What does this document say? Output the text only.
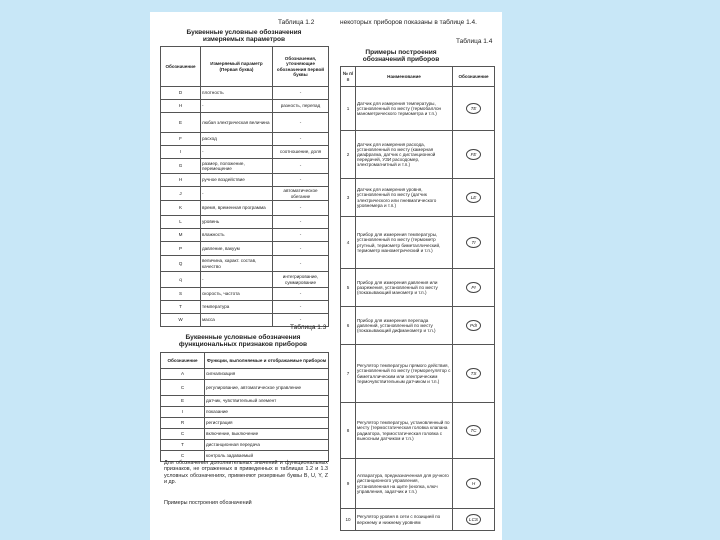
Таблица 1.2	некоторых приборов показаны в таблице 1.4.
Буквенные условные обозначения измеряемых параметров
Обозначение	Измеряемый параметр (Первая буква)	Обозначения, уточняющие обозначения первой буквы
D	плотность	-
Н	-	разность, перепад
Е	любая электрическая величина	-
F	расход	-
I	-	соотношение, доля
G	размер, положение, перемещение	-
H	ручное воздействие	-
J	-	автоматическое обегание
K	время, временная программа	-
L	уровень	-
M	влажность	-
P	давление, вакуум	-
Q	величина, характ. состав, качество	-
q	-	интегрирование, суммирование
S	скорость, частота	-
T	температура	-
W	масса	-
Таблица 1.3
Буквенные условные обозначения функциональных признаков приборов
Обозначение	Функции, выполняемые и отображаемые прибором
А	сигнализация
C	регулирование, автоматическое управление
E	датчик, чувствительный элемент
I	показание
R	регистрация
C	включение, выключение
T	дистанционная передача
C	контроль задаваемый
Для обозначения дополнительных значений и функциональных признаков, не отраженных в приведенных в таблицах 1.2 и 1.3 условных обозначениях, применяют резервные буквы B, U, Y, Z и др.
Примеры построения обозначений
Таблица 1.4
Примеры построения обозначений приборов
№ п/п	Наименование	Обозначение
1	Датчик для измерения температуры, установленный по месту (термобаллон манометрического термометра и т.п.)	TE
2	Датчик для измерения расхода, установленный по месту (камерная диафрагма, датчик с дистанционной передачей, УЗИ расходомер, электромагнитный и т.п.)	FE
3	Датчик для измерения уровня, установленный по месту (датчик электрического или пневматического уровнемера и т.п.)	LE
4	Прибор для измерения температуры, установленный по месту (термометр ртутный, термометр биметаллический, термометр манометрический и т.п.)	TI
5	Прибор для измерения давления или разрежения, установленный по месту (показывающий манометр и т.п.)	PI
6	Прибор для измерения перепада давлений, установленный по месту (показывающий дифманометр и т.п.)	PdI
7	Регулятор температуры прямого действия, установленный по месту (терморегулятор с биметаллическим или электрическим термочувствительным датчиком и т.п.)	TS
8	Регулятор температуры, установленный по месту (термостатическая головка клапана радиатора, термостатическая головка с выносным датчиком и т.п.)	TC
9	Аппаратура, предназначенная для ручного дистанционного управления, установленная на щите (кнопка, ключ управления, задатчик и т.п.)	H
10	Регулятор уровня в сети с позицией по верхнему и нижнему уровням	LCS
